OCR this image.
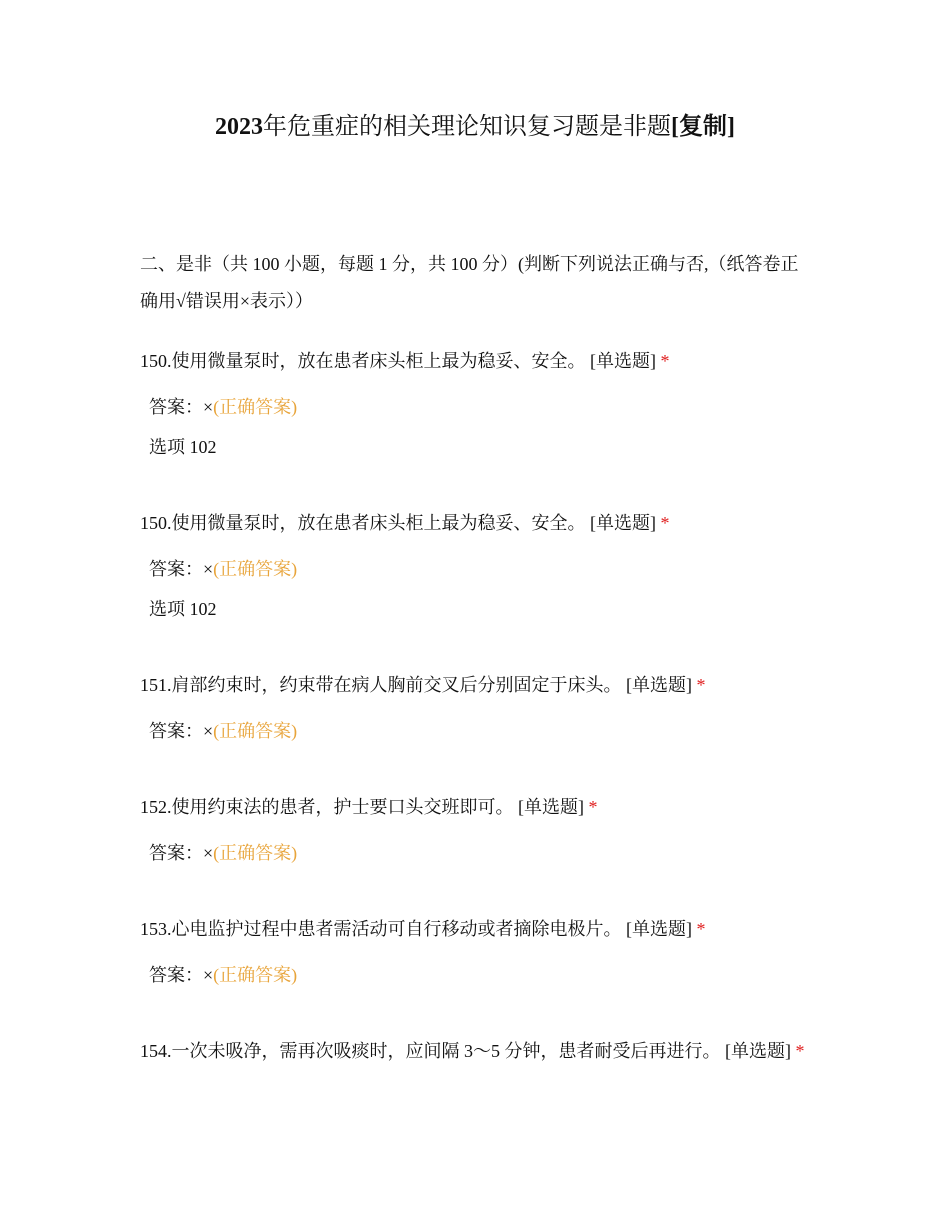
2023年危重症的相关理论知识复习题是非题[复制]
二、是非（共 100 小题，每题 1 分，共 100 分）(判断下列说法正确与否,（纸答卷正确用√错误用×表示））
150.使用微量泵时，放在患者床头柜上最为稳妥、安全。 [单选题] *
答案：×(正确答案)
选项 102
150.使用微量泵时，放在患者床头柜上最为稳妥、安全。 [单选题] *
答案：×(正确答案)
选项 102
151.肩部约束时，约束带在病人胸前交叉后分别固定于床头。 [单选题] *
答案：×(正确答案)
152.使用约束法的患者，护士要口头交班即可。 [单选题] *
答案：×(正确答案)
153.心电监护过程中患者需活动可自行移动或者摘除电极片。 [单选题] *
答案：×(正确答案)
154.一次未吸净，需再次吸痰时，应间隔 3～5 分钟，患者耐受后再进行。 [单选题] *
